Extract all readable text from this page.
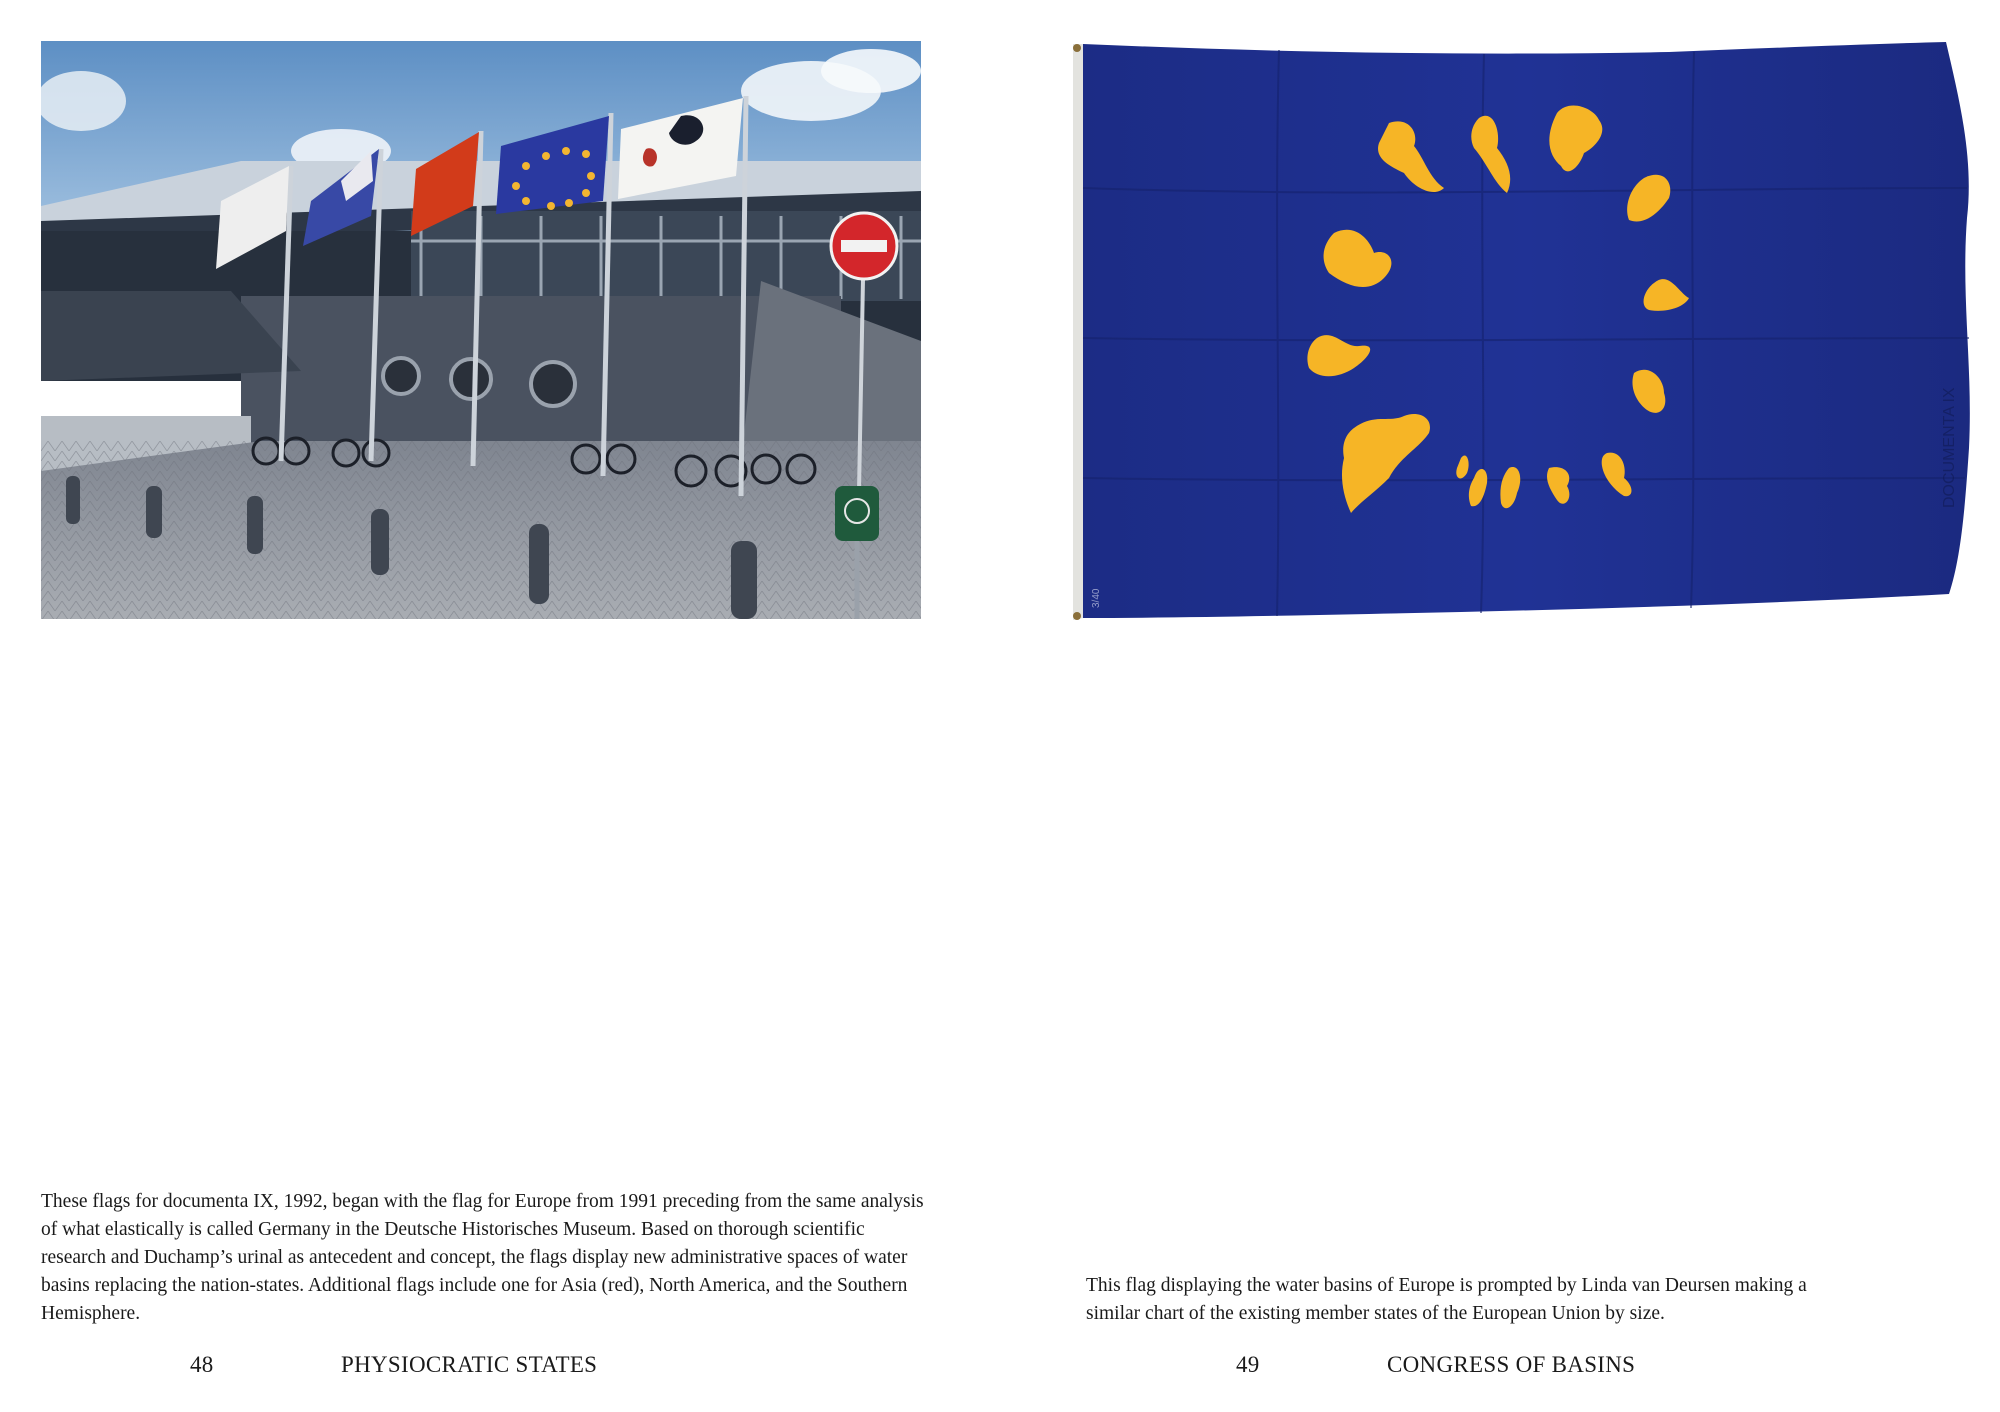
These flags for documenta IX, 1992, began with the flag for Europe from 1991 preceding from the same analysis of what elastically is called Germany in the Deutsche Historisches Museum. Based on thorough scientific research and Duchamp’s urinal as antecedent and concept, the flags display new administrative spaces of water basins replacing the nation-states. Additional flags include one for Asia (red), North America, and the Southern Hemisphere.

48	PHYSIOCRATIC STATES
DOCUMENTA IX
3/40

This flag displaying the water basins of Europe is prompted by Linda van Deursen making a similar chart of the existing member states of the European Union by size.

49	CONGRESS OF BASINS
